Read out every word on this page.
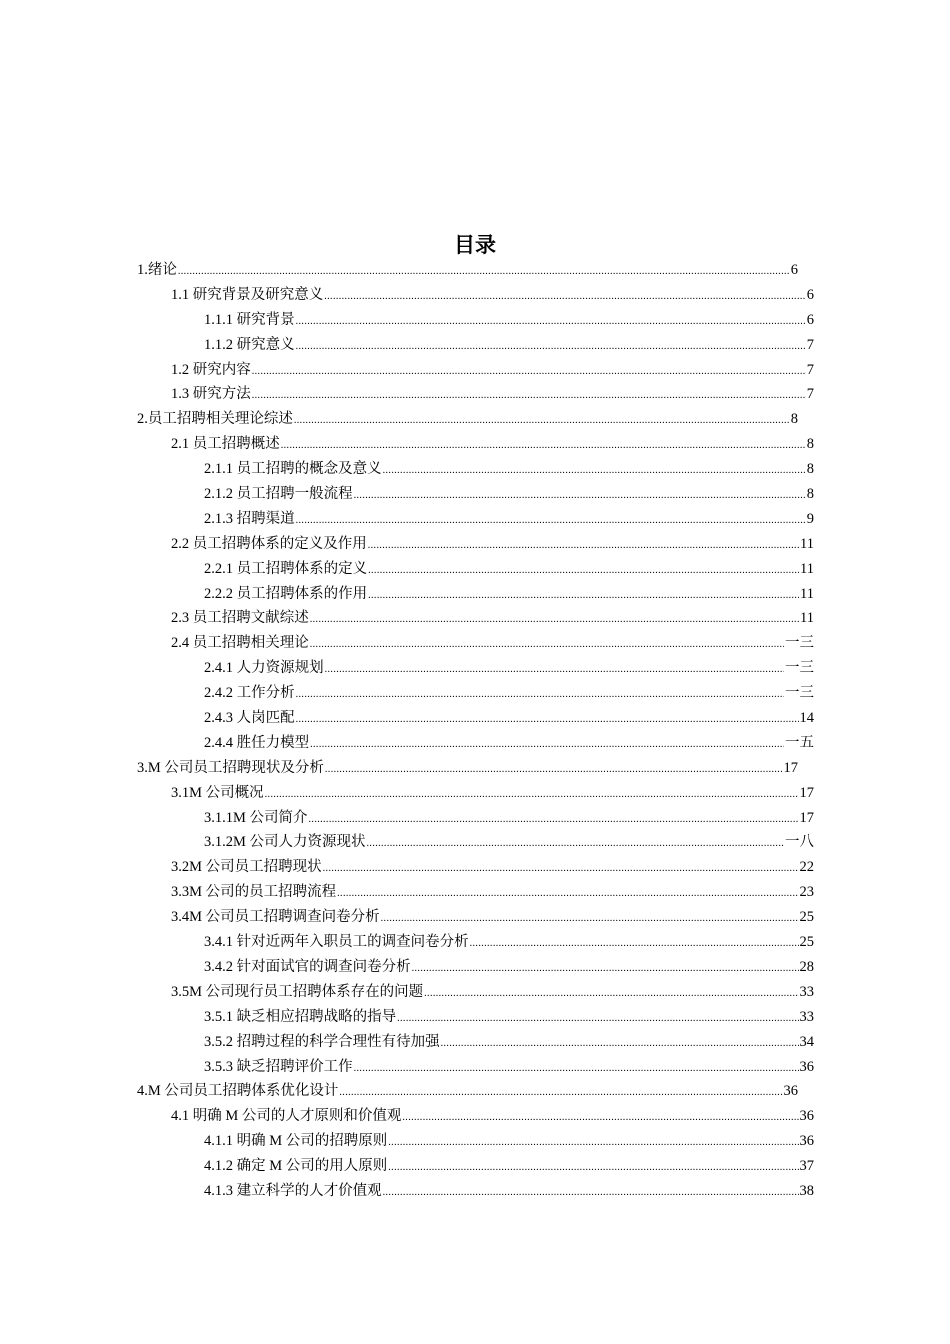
目录
1.绪论 .....	6
1.1 研究背景及研究意义 .....	6
1.1.1 研究背景 .....	6
1.1.2 研究意义 .....	7
1.2 研究内容 .....	7
1.3 研究方法 .....	7
2.员工招聘相关理论综述 .....	8
2.1 员工招聘概述 .....	8
2.1.1 员工招聘的概念及意义 .....	8
2.1.2 员工招聘一般流程 .....	8
2.1.3 招聘渠道 .....	9
2.2 员工招聘体系的定义及作用 .....	11
2.2.1 员工招聘体系的定义 .....	11
2.2.2 员工招聘体系的作用 .....	11
2.3 员工招聘文献综述 .....	11
2.4 员工招聘相关理论 .....	一三
2.4.1 人力资源规划 .....	一三
2.4.2 工作分析 .....	一三
2.4.3 人岗匹配 .....	14
2.4.4 胜任力模型 .....	一五
3.M 公司员工招聘现状及分析 .....	17
3.1M 公司概况 .....	17
3.1.1M 公司简介 .....	17
3.1.2M 公司人力资源现状 .....	一八
3.2M 公司员工招聘现状 .....	22
3.3M 公司的员工招聘流程 .....	23
3.4M 公司员工招聘调查问卷分析 .....	25
3.4.1 针对近两年入职员工的调查问卷分析 .....	25
3.4.2 针对面试官的调查问卷分析 .....	28
3.5M 公司现行员工招聘体系存在的问题 .....	33
3.5.1 缺乏相应招聘战略的指导 .....	33
3.5.2 招聘过程的科学合理性有待加强 .....	34
3.5.3 缺乏招聘评价工作 .....	36
4.M 公司员工招聘体系优化设计 .....	36
4.1 明确 M 公司的人才原则和价值观 .....	36
4.1.1 明确 M 公司的招聘原则 .....	36
4.1.2 确定 M 公司的用人原则 .....	37
4.1.3 建立科学的人才价值观 .....	38
